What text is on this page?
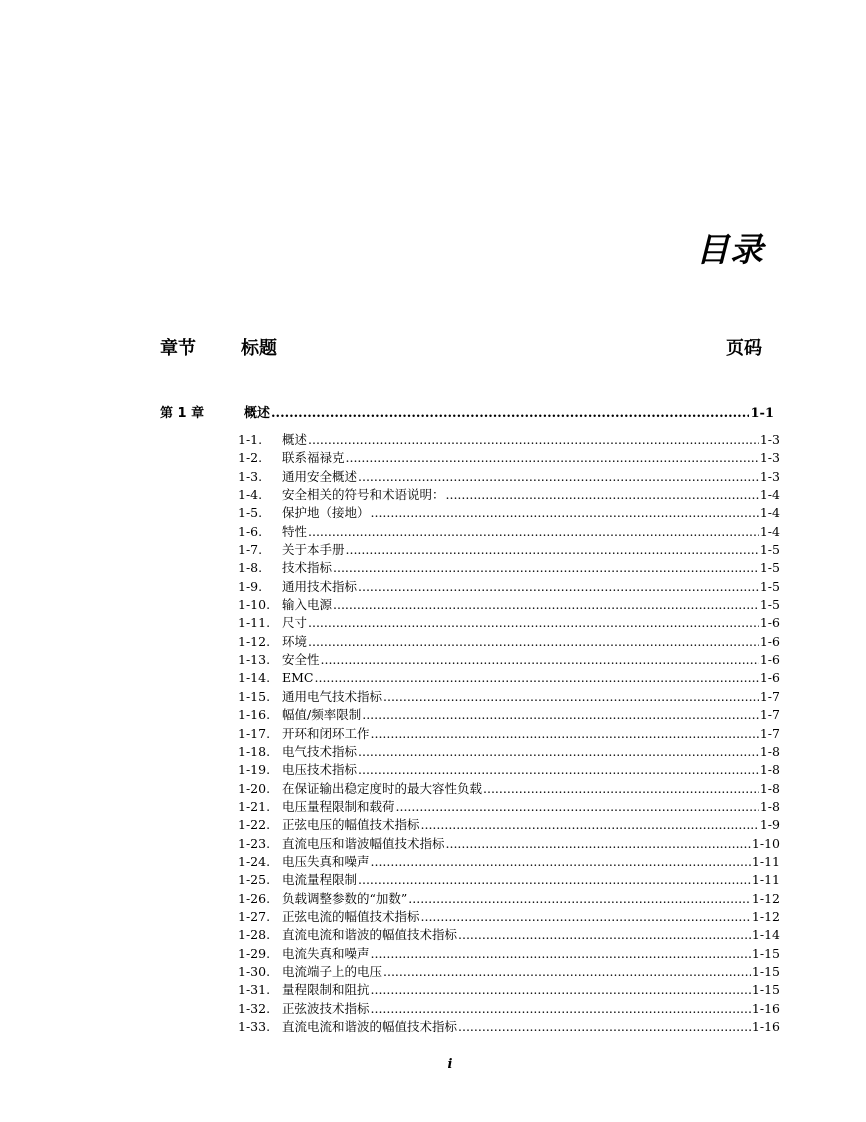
目录
章节	标题	页码
第 1 章	概述 .....	1-1
1-1.	概述 .....	1-3
1-2.	联系福禄克 .....	1-3
1-3.	通用安全概述 .....	1-3
1-4.	安全相关的符号和术语说明： .....	1-4
1-5.	保护地（接地） .....	1-4
1-6.	特性 .....	1-4
1-7.	关于本手册 .....	1-5
1-8.	技术指标 .....	1-5
1-9.	通用技术指标 .....	1-5
1-10. 输入电源 .....	1-5
1-11. 尺寸 .....	1-6
1-12. 环境 .....	1-6
1-13. 安全性 .....	1-6
1-14. EMC .....	1-6
1-15. 通用电气技术指标 .....	1-7
1-16. 幅值/频率限制 .....	1-7
1-17. 开环和闭环工作 .....	1-7
1-18. 电气技术指标 .....	1-8
1-19. 电压技术指标 .....	1-8
1-20. 在保证输出稳定度时的最大容性负载 .....	1-8
1-21. 电压量程限制和载荷 .....	1-8
1-22. 正弦电压的幅值技术指标 .....	1-9
1-23. 直流电压和谐波幅值技术指标 .....	1-10
1-24. 电压失真和噪声 .....	1-11
1-25. 电流量程限制 .....	1-11
1-26. 负载调整参数的“加数” .....	1-12
1-27. 正弦电流的幅值技术指标 .....	1-12
1-28. 直流电流和谐波的幅值技术指标 .....	1-14
1-29. 电流失真和噪声 .....	1-15
1-30. 电流端子上的电压 .....	1-15
1-31. 量程限制和阻抗 .....	1-15
1-32. 正弦波技术指标 .....	1-16
1-33. 直流电流和谐波的幅值技术指标 .....	1-16
i
